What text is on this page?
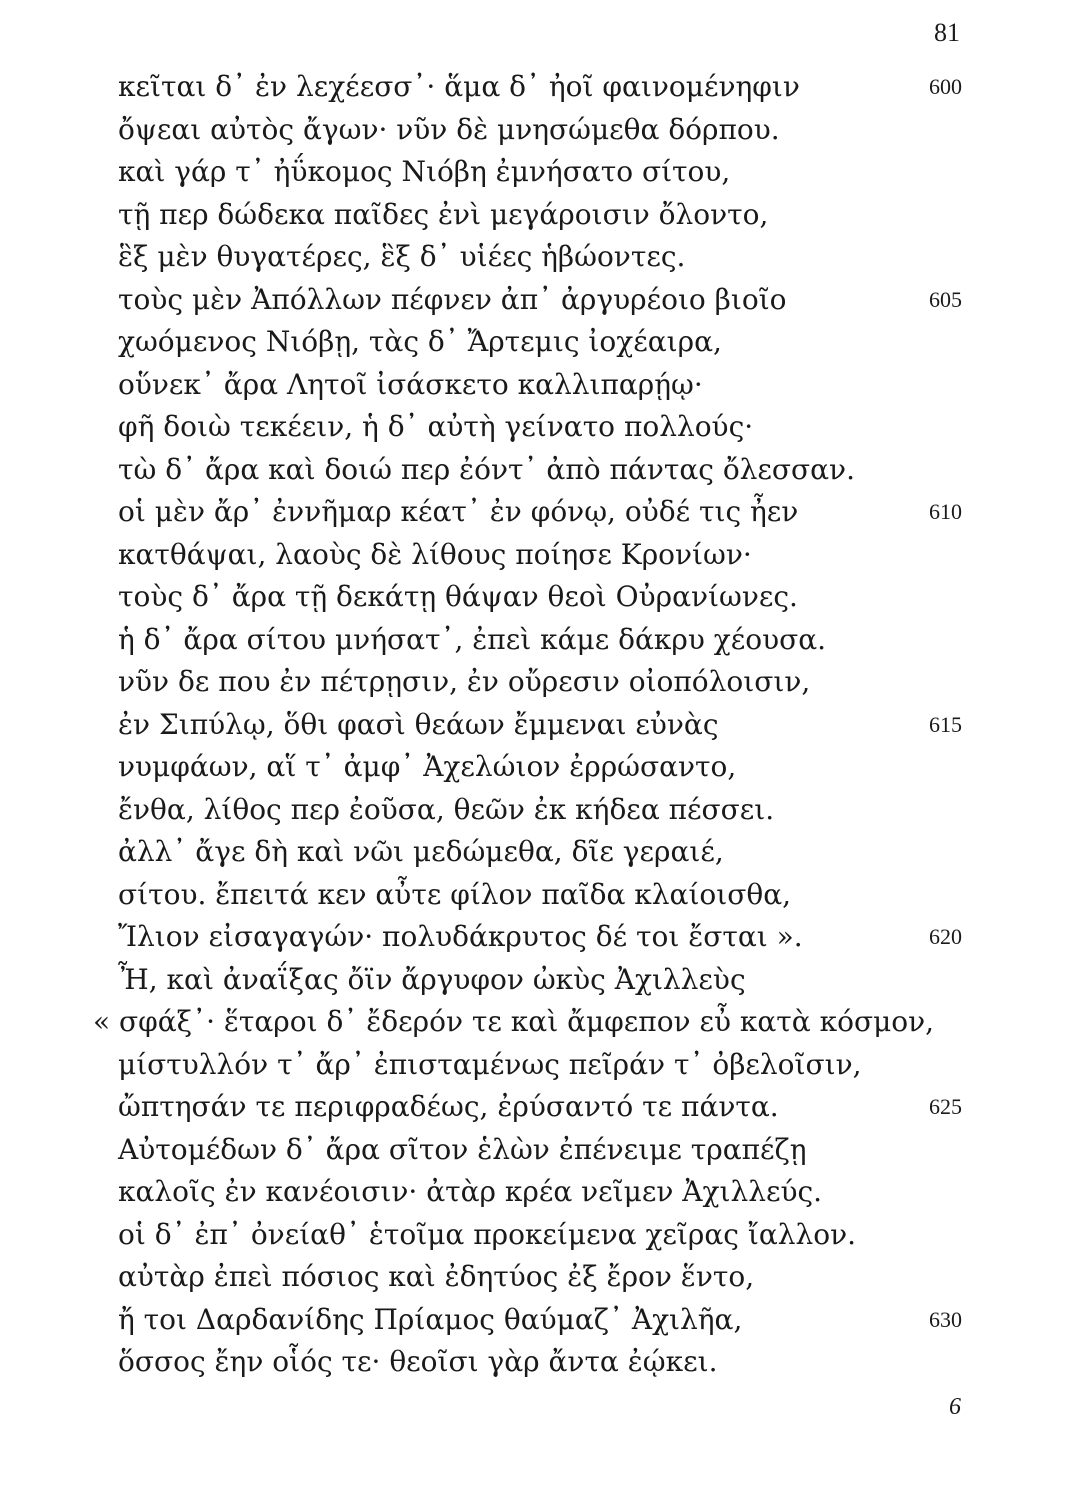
81
κεῖται δ᾽ ἐν λεχέεσσ᾽· ἅμα δ᾽ ἠοῖ φαινομένηφιν	600
ὄψεαι αὐτὸς ἄγων· νῦν δὲ μνησώμεθα δόρπου.
καὶ γάρ τ᾽ ἠΰκομος Νιόβη ἐμνήσατο σίτου,
τῇ περ δώδεκα παῖδες ἐνὶ μεγάροισιν ὄλοντο,
ἓξ μὲν θυγατέρες, ἓξ δ᾽ υἱέες ἡβώοντες.
τοὺς μὲν Ἀπόλλων πέφνεν ἀπ᾽ ἀργυρέοιο βιοῖο	605
χωόμενος Νιόβῃ, τὰς δ᾽ Ἄρτεμις ἰοχέαιρα,
οὕνεκ᾽ ἄρα Λητοῖ ἰσάσκετο καλλιπαρῄῳ·
φῆ δοιὼ τεκέειν, ἡ δ᾽ αὐτὴ γείνατο πολλούς·
τὼ δ᾽ ἄρα καὶ δοιώ περ ἐόντ᾽ ἀπὸ πάντας ὄλεσσαν.
οἱ μὲν ἄρ᾽ ἐννῆμαρ κέατ᾽ ἐν φόνῳ, οὐδέ τις ἦεν	610
κατθάψαι, λαοὺς δὲ λίθους ποίησε Κρονίων·
τοὺς δ᾽ ἄρα τῇ δεκάτῃ θάψαν θεοὶ Οὐρανίωνες.
ἡ δ᾽ ἄρα σίτου μνήσατ᾽, ἐπεὶ κάμε δάκρυ χέουσα.
νῦν δε που ἐν πέτρῃσιν, ἐν οὔρεσιν οἰοπόλοισιν,
ἐν Σιπύλῳ, ὅθι φασὶ θεάων ἔμμεναι εὐνὰς	615
νυμφάων, αἵ τ᾽ ἀμφ᾽ Ἀχελώιον ἐρρώσαντο,
ἔνθα, λίθος περ ἐοῦσα, θεῶν ἐκ κήδεα πέσσει.
ἀλλ᾽ ἄγε δὴ καὶ νῶι μεδώμεθα, δῖε γεραιέ,
σίτου. ἔπειτά κεν αὖτε φίλον παῖδα κλαίοισθα,
Ἴλιον εἰσαγαγών· πολυδάκρυτος δέ τοι ἔσται ».	620
Ἦ, καὶ ἀναΐξας ὄϊν ἄργυφον ὠκὺς Ἀχιλλεὺς
« σφάξ᾽· ἕταροι δ᾽ ἔδερόν τε καὶ ἄμφεπον εὖ κατὰ κόσμον,
μίστυλλόν τ᾽ ἄρ᾽ ἐπισταμένως πεῖράν τ᾽ ὀβελοῖσιν,
ὤπτησάν τε περιφραδέως, ἐρύσαντό τε πάντα.	625
Αὐτομέδων δ᾽ ἄρα σῖτον ἑλὼν ἐπένειμε τραπέζῃ
καλοῖς ἐν κανέοισιν· ἀτὰρ κρέα νεῖμεν Ἀχιλλεύς.
οἱ δ᾽ ἐπ᾽ ὀνείαθ᾽ ἑτοῖμα προκείμενα χεῖρας ἴαλλον.
αὐτὰρ ἐπεὶ πόσιος καὶ ἐδητύος ἐξ ἔρον ἕντο,
ἤ τοι Δαρδανίδης Πρίαμος θαύμαζ᾽ Ἀχιλῆα,	630
ὅσσος ἔην οἷός τε· θεοῖσι γὰρ ἄντα ἐῴκει.
6
